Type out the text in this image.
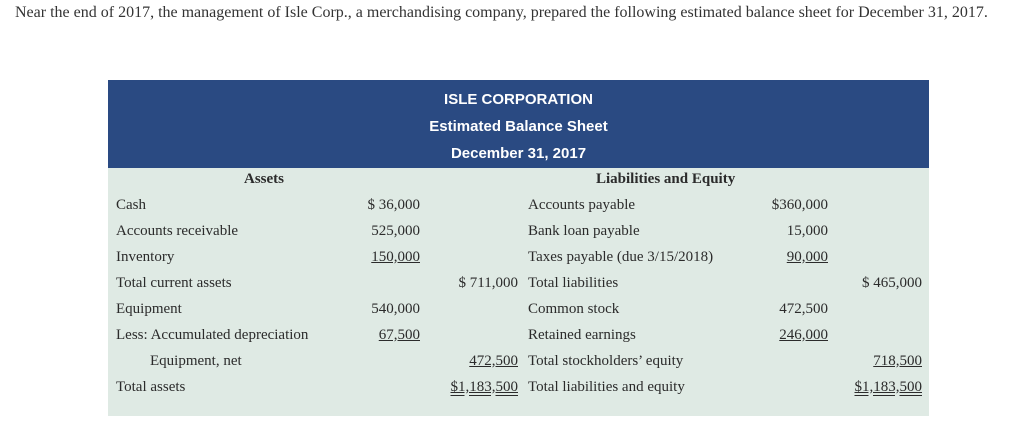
Near the end of 2017, the management of Isle Corp., a merchandising company, prepared the following estimated balance sheet for December 31, 2017.
ISLE CORPORATION
Estimated Balance Sheet
December 31, 2017
Assets	Liabilities and Equity
Cash	$ 36,000	Accounts payable	$360,000
Accounts receivable	525,000	Bank loan payable	15,000
Inventory	150,000	Taxes payable (due 3/15/2018)	90,000
Total current assets	$ 711,000 Total liabilities	$ 465,000
Equipment	540,000	Common stock	472,500
Less: Accumulated depreciation	67,500	Retained earnings	246,000
Equipment, net	472,500 Total stockholders’ equity	718,500
Total assets	$1,183,500 Total liabilities and equity	$1,183,500
